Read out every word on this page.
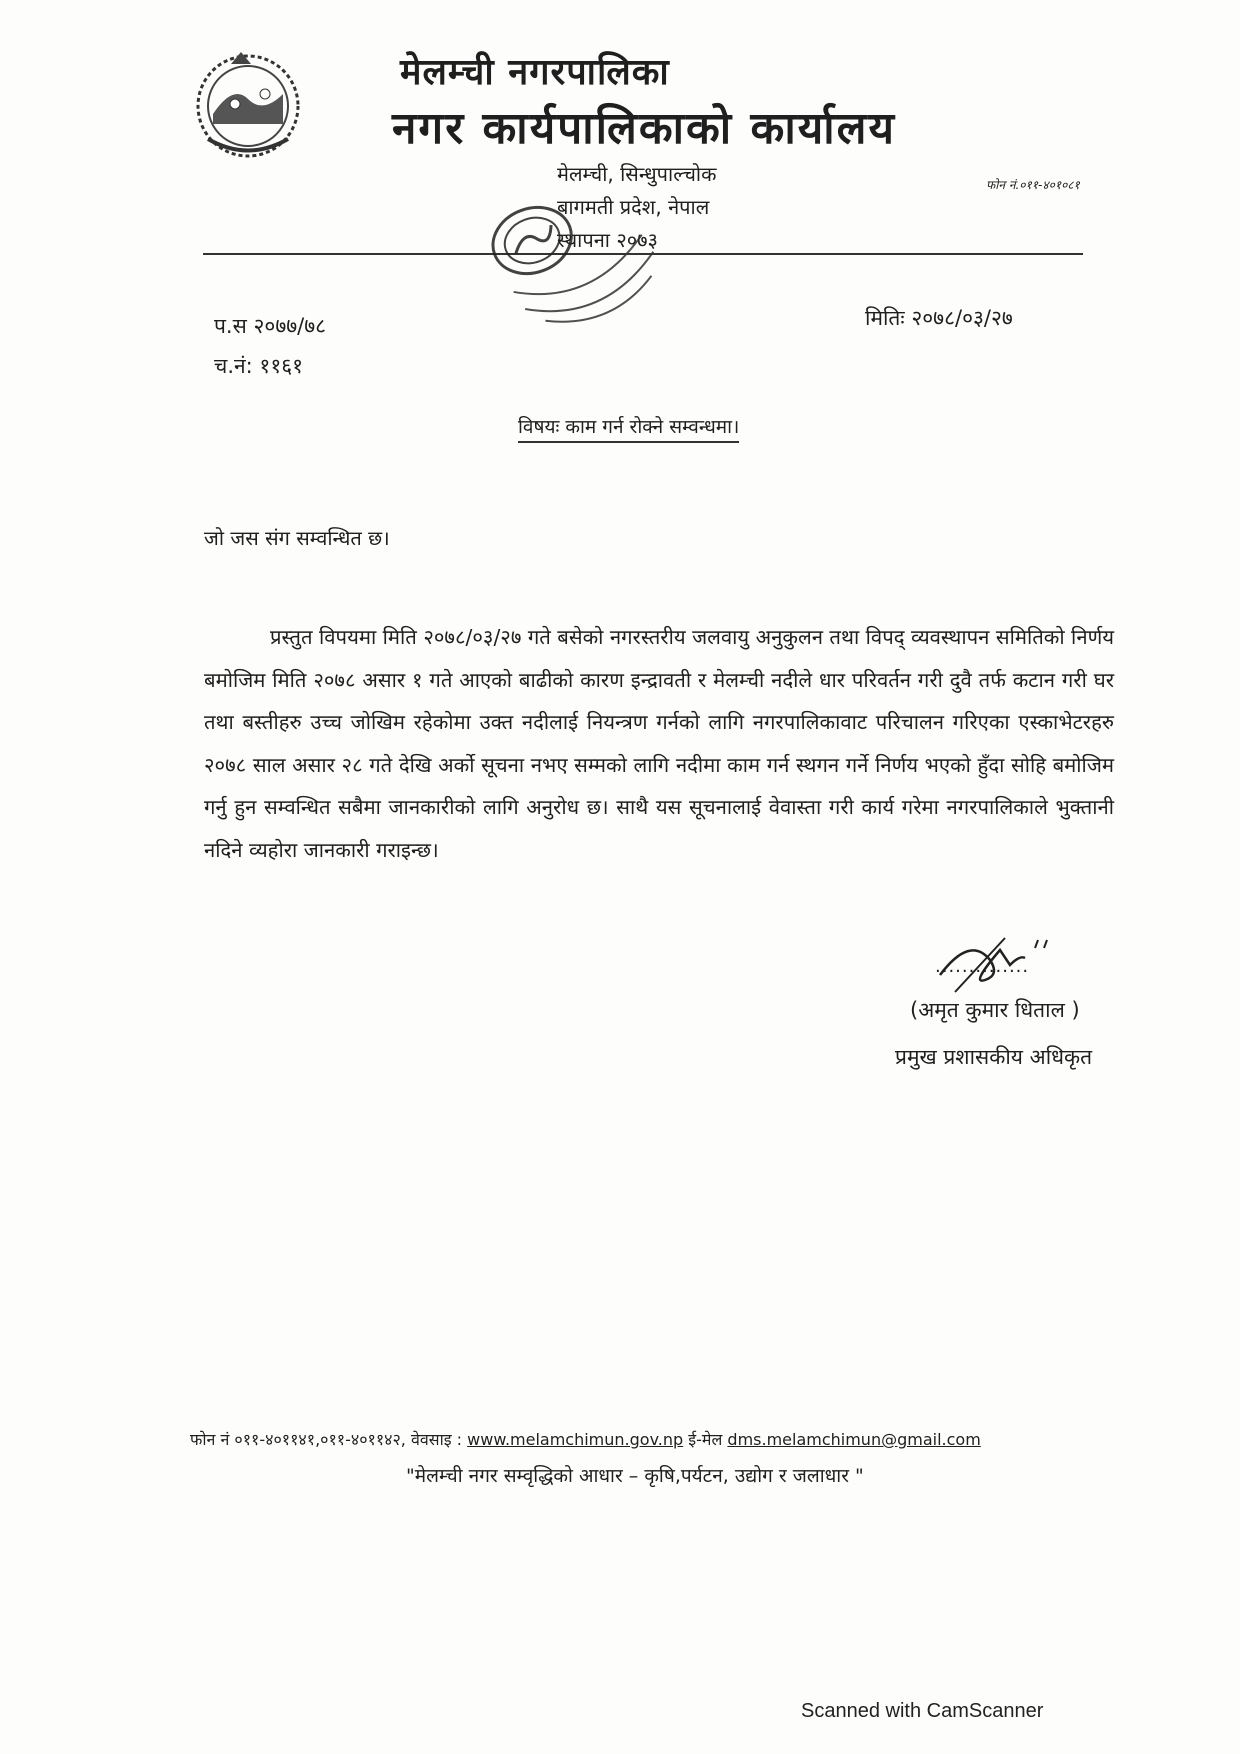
मेलम्ची नगरपालिका
नगर कार्यपालिकाको कार्यालय
मेलम्ची, सिन्धुपाल्चोक
बागमती प्रदेश, नेपाल
स्थापना २०७३
फोन नं.०११-४०१०८१
प.स २०७७/७८
च.नं: ११६१
मितिः २०७८/०३/२७
विषयः काम गर्न रोक्ने सम्वन्धमा।
जो जस संग सम्वन्धित छ।
प्रस्तुत विपयमा मिति २०७८/०३/२७ गते बसेको नगरस्तरीय जलवायु अनुकुलन तथा विपद् व्यवस्थापन समितिको निर्णय बमोजिम मिति २०७८ असार १ गते आएको बाढीको कारण इन्द्रावती र मेलम्ची नदीले धार परिवर्तन गरी दुवै तर्फ कटान गरी घर तथा बस्तीहरु उच्च जोखिम रहेकोमा उक्त नदीलाई नियन्त्रण गर्नको लागि नगरपालिकावाट परिचालन गरिएका एस्काभेटरहरु २०७८ साल असार २८ गते देखि अर्को सूचना नभए सम्मको लागि नदीमा काम गर्न स्थगन गर्ने निर्णय भएको हुँदा सोहि बमोजिम गर्नु हुन सम्वन्धित सबैमा जानकारीको लागि अनुरोध छ। साथै यस सूचनालाई वेवास्ता गरी कार्य गरेमा नगरपालिकाले भुक्तानी नदिने व्यहोरा जानकारी गराइन्छ।
..............
(अमृत कुमार धिताल )
प्रमुख प्रशासकीय अधिकृत
फोन नं ०११-४०११४१,०११-४०११४२, वेवसाइ : www.melamchimun.gov.np ई-मेल dms.melamchimun@gmail.com
"मेलम्ची नगर सम्वृद्धिको आधार – कृषि,पर्यटन, उद्योग र जलाधार "
Scanned with CamScanner
